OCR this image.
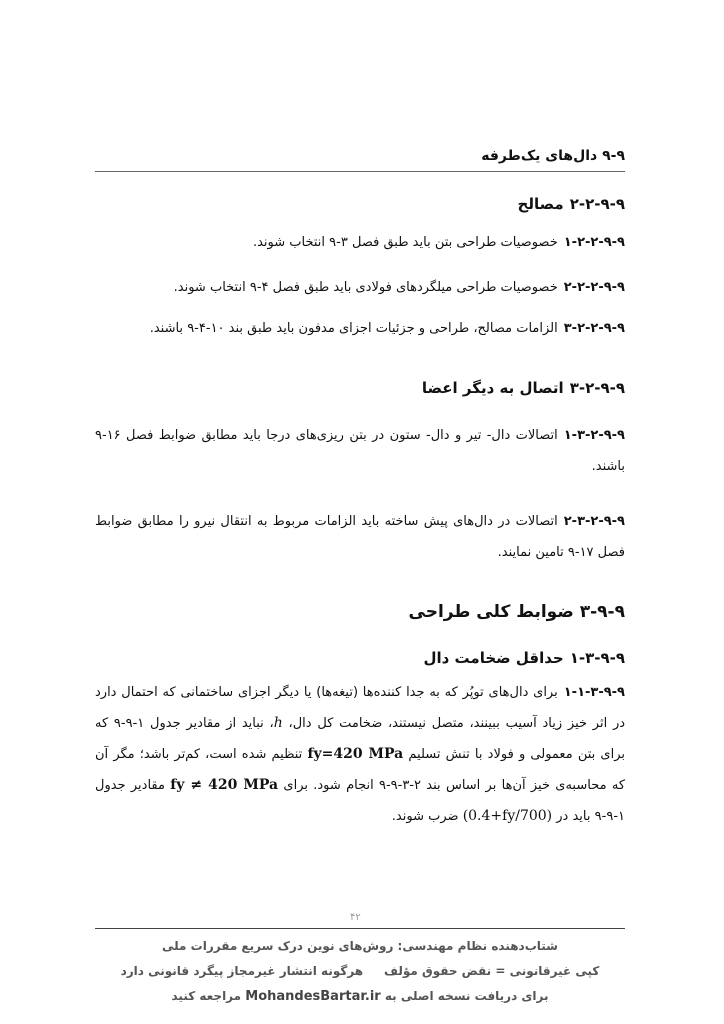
۹-۹ دال‌های یک‌طرفه
۲-۲-۹-۹مصالح
۱-۲-۲-۹-۹خصوصیات طراحی بتن باید طبق فصل ۳-۹ انتخاب شوند.
۲-۲-۲-۹-۹خصوصیات طراحی میلگردهای فولادی باید طبق فصل ۴-۹ انتخاب شوند.
۳-۲-۲-۹-۹الزامات مصالح، طراحی و جزئیات اجزای مدفون باید طبق بند ۱۰-۴-۹ باشند.
۳-۲-۹-۹اتصال به دیگر اعضا
۱-۳-۲-۹-۹اتصالات دال- تیر و دال- ستون در بتن ریزی‌های درجا باید مطابق ضوابط فصل ۱۶-۹ باشند.
۲-۳-۲-۹-۹اتصالات در دال‌های پیش ساخته باید الزامات مربوط به انتقال نیرو را مطابق ضوابط فصل ۱۷-۹ تامین نمایند.
۳-۹-۹ضوابط کلی طراحی
۱-۳-۹-۹حداقل ضخامت دال
۱-۱-۳-۹-۹برای دال‌های توپُر که به جدا کننده‌ها (تیغه‌ها) یا دیگر اجزای ساختمانی که احتمال دارد در اثر خیز زیاد آسیب ببینند، متصل نیستند، ضخامت کل دال، h، نباید از مقادیر جدول ۱-۹-۹ که برای بتن معمولی و فولاد با تنش تسلیم fy=420 MPa تنظیم شده است، کم‌تر باشد؛ مگر آن که محاسبه‌ی خیز آن‌ها بر اساس بند ۲-۳-۹-۹ انجام شود. برای fy ≠ 420 MPa مقادیر جدول ۱-۹-۹ باید در (0.4+fy/700) ضرب شوند.
۴۲
شتاب‌دهنده نظام مهندسی: روش‌های نوین درک سریع مقررات ملی
کپی غیرقانونی = نقض حقوق مؤلف     هرگونه انتشار غیرمجاز پیگرد قانونی دارد
برای دریافت نسخه اصلی به MohandesBartar.ir مراجعه کنید
